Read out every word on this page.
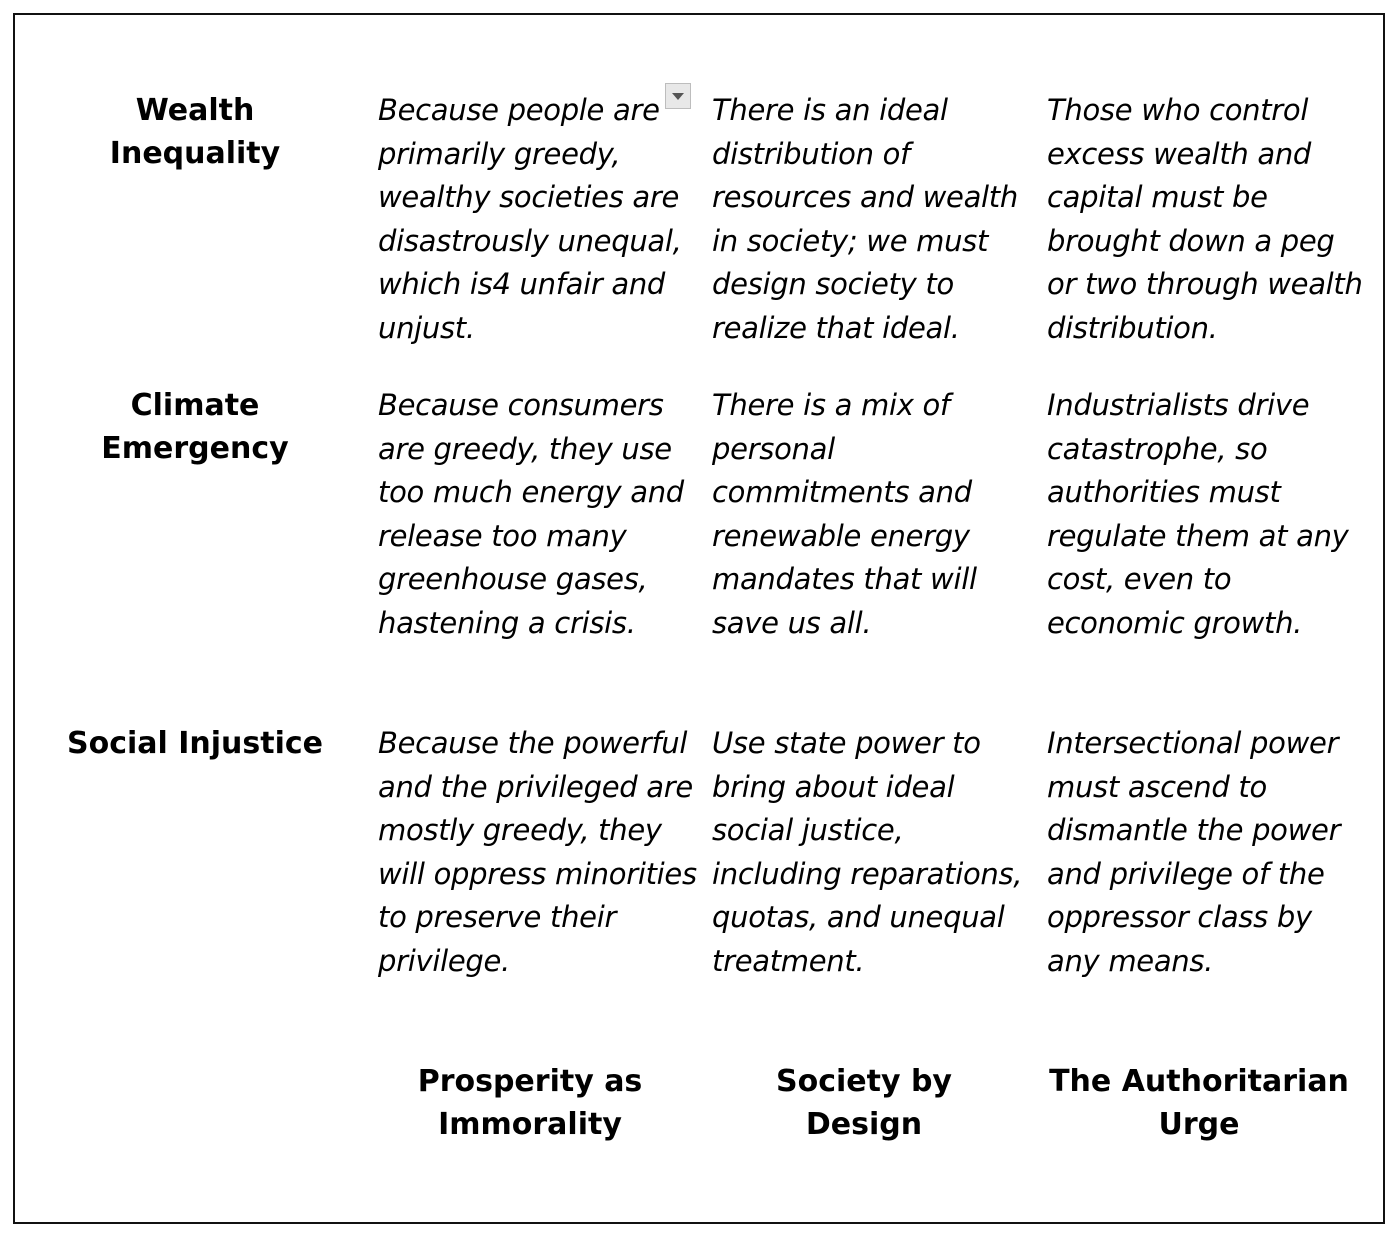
Wealth Inequality
Because people are primarily greedy, wealthy societies are disastrously unequal, which is4 unfair and unjust.
There is an ideal distribution of resources and wealth in society; we must design society to realize that ideal.
Those who control excess wealth and capital must be brought down a peg or two through wealth distribution.
Climate Emergency
Because consumers are greedy, they use too much energy and release too many greenhouse gases, hastening a crisis.
There is a mix of personal commitments and renewable energy mandates that will save us all.
Industrialists drive catastrophe, so authorities must regulate them at any cost, even to economic growth.
Social Injustice	Because the powerful and the privileged are mostly greedy, they will oppress minorities to preserve their privilege.
Use state power to bring about ideal social justice, including reparations, quotas, and unequal treatment.
Intersectional power must ascend to dismantle the power and privilege of the oppressor class by any means.
Prosperity as Immorality
Society by Design
The Authoritarian Urge
